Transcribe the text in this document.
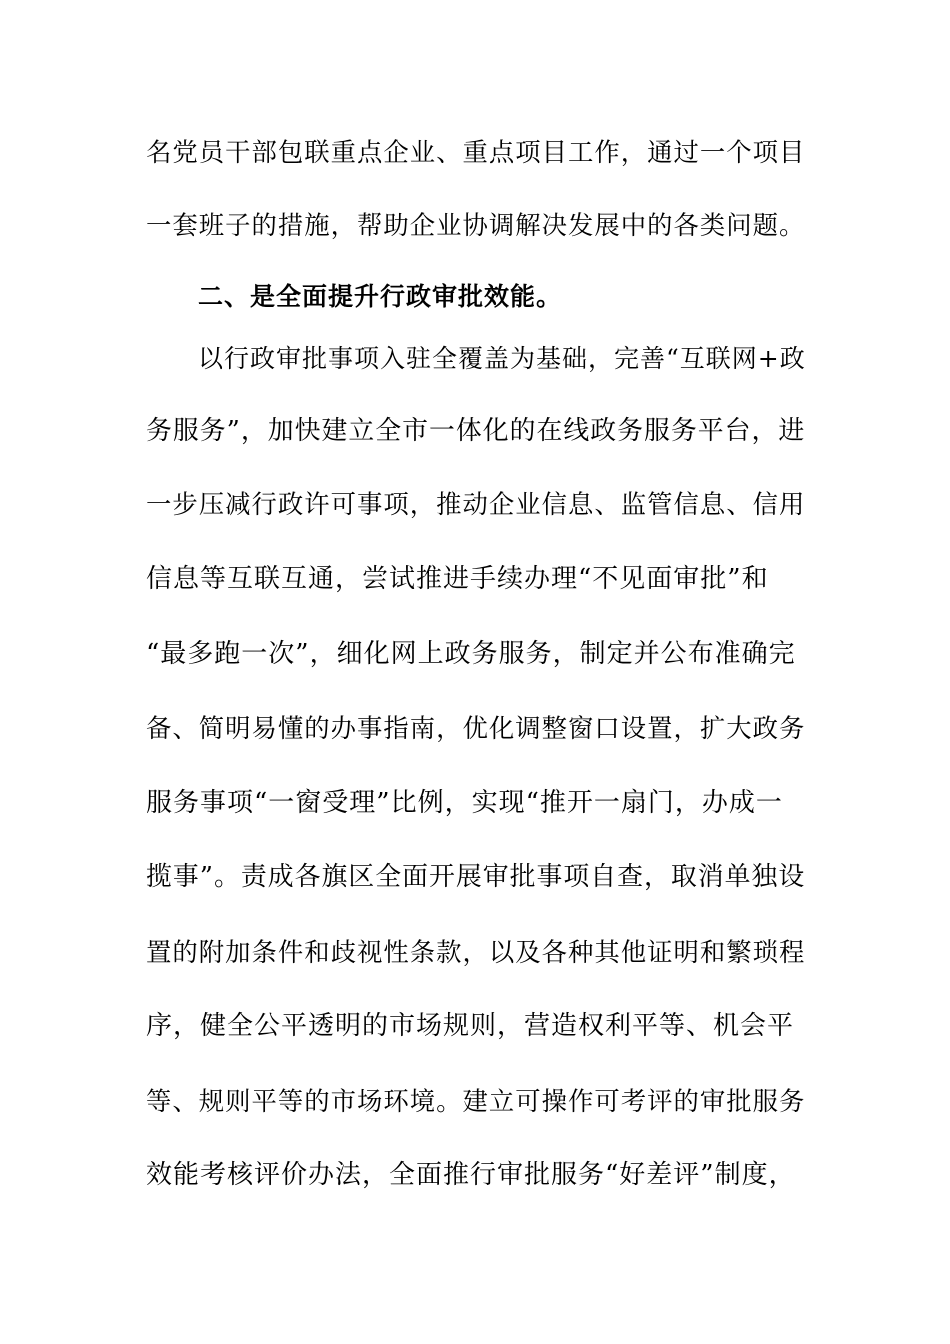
名党员干部包联重点企业、重点项目工作，通过一个项目
一套班子的措施，帮助企业协调解决发展中的各类问题。
二、是全面提升行政审批效能。
以行政审批事项入驻全覆盖为基础，完善“互联网+政
务服务”，加快建立全市一体化的在线政务服务平台，进
一步压减行政许可事项，推动企业信息、监管信息、信用
信息等互联互通，尝试推进手续办理“不见面审批”和
“最多跑一次”，细化网上政务服务，制定并公布准确完
备、简明易懂的办事指南，优化调整窗口设置，扩大政务
服务事项“一窗受理”比例，实现“推开一扇门，办成一
揽事”。责成各旗区全面开展审批事项自查，取消单独设
置的附加条件和歧视性条款，以及各种其他证明和繁琐程
序，健全公平透明的市场规则，营造权利平等、机会平
等、规则平等的市场环境。建立可操作可考评的审批服务
效能考核评价办法，全面推行审批服务“好差评”制度，
